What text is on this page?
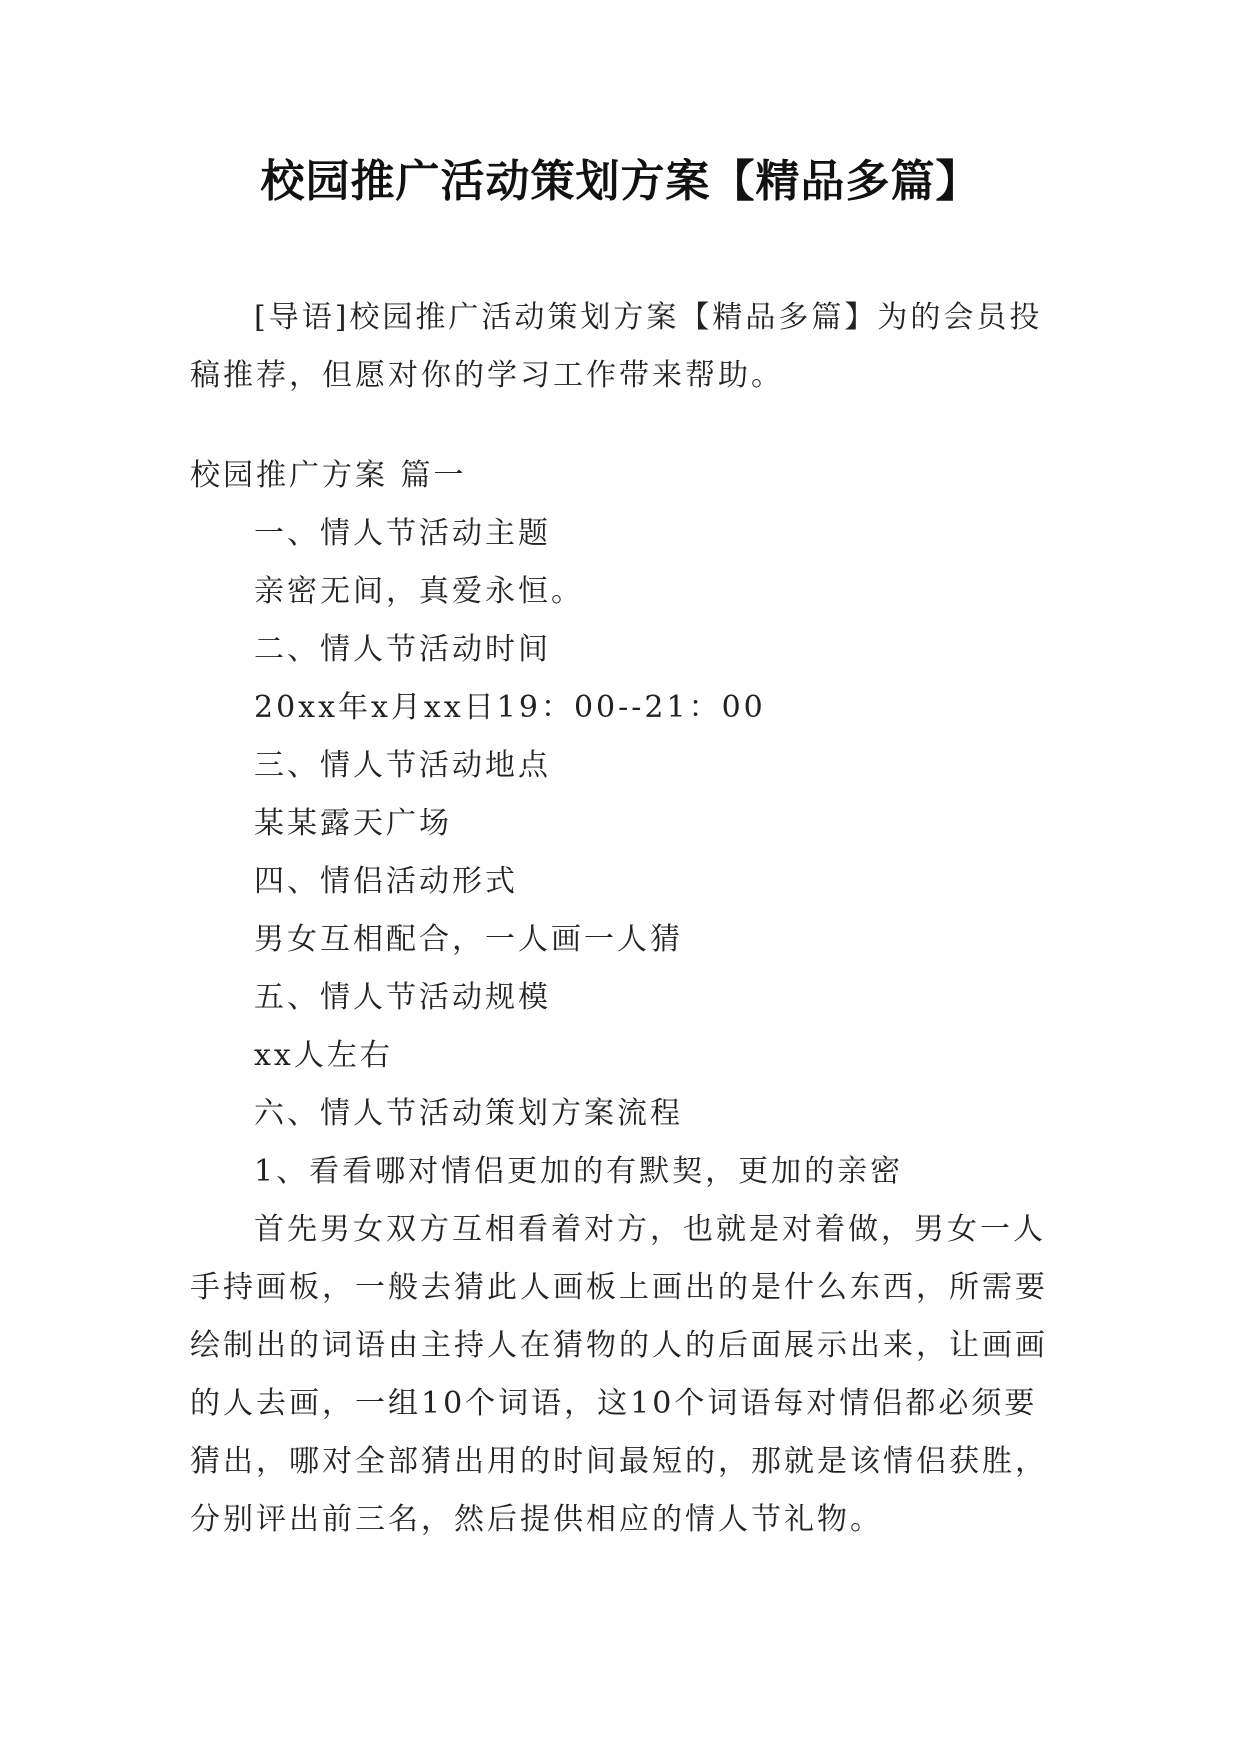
校园推广活动策划方案【精品多篇】

[导语]校园推广活动策划方案【精品多篇】为的会员投稿推荐，但愿对你的学习工作带来帮助。

校园推广方案 篇一

一、情人节活动主题

亲密无间，真爱永恒。

二、情人节活动时间

20xx年x月xx日19：00--21：00

三、情人节活动地点

某某露天广场

四、情侣活动形式

男女互相配合，一人画一人猜

五、情人节活动规模

xx人左右

六、情人节活动策划方案流程

1、看看哪对情侣更加的有默契，更加的亲密

首先男女双方互相看着对方，也就是对着做，男女一人手持画板，一般去猜此人画板上画出的是什么东西，所需要绘制出的词语由主持人在猜物的人的后面展示出来，让画画的人去画，一组10个词语，这10个词语每对情侣都必须要猜出，哪对全部猜出用的时间最短的，那就是该情侣获胜，分别评出前三名，然后提供相应的情人节礼物。
